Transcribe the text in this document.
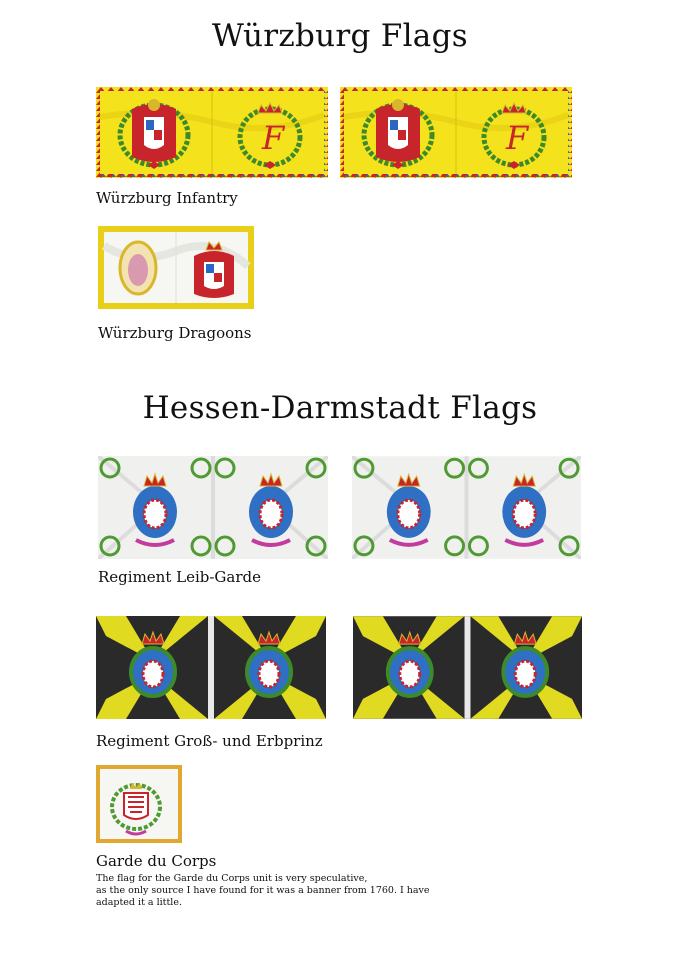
Würzburg Flags
F	F
Würzburg Infantry
Würzburg Dragoons
Hessen-Darmstadt Flags
Regiment Leib-Garde
Regiment Groß- und Erbprinz
Garde du Corps
The flag for the Garde du Corps unit is very speculative,
as the only source I have found for it was a banner from 1760. I have
adapted it a little.
